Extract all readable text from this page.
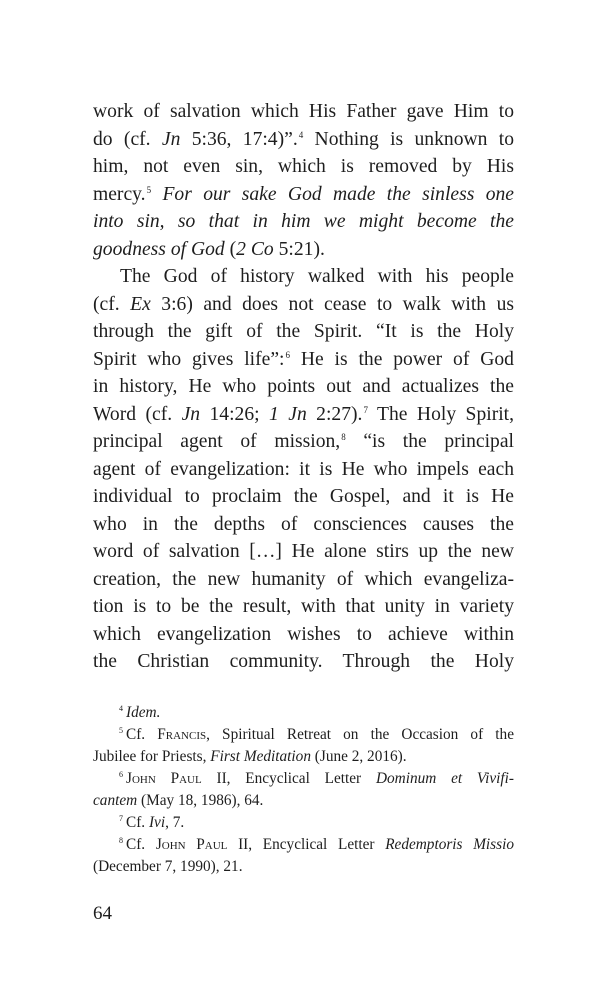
work of salvation which His Father gave Him to
do (cf. Jn 5:36, 17:4)”.$^4$ Nothing is unknown to
him, not even sin, which is removed by His
mercy.$^5$ For our sake God made the sinless one
into sin, so that in him we might become the
goodness of God (2 Co 5:21).

The God of history walked with his people
(cf. Ex 3:6) and does not cease to walk with us
through the gift of the Spirit. “It is the Holy
Spirit who gives life”:$^6$ He is the power of God
in history, He who points out and actualizes the
Word (cf. Jn 14:26; 1 Jn 2:27).$^7$ The Holy Spirit,
principal agent of mission,$^8$ “is the principal
agent of evangelization: it is He who impels each
individual to proclaim the Gospel, and it is He
who in the depths of consciences causes the
word of salvation […] He alone stirs up the new
creation, the new humanity of which evangeliza-
tion is to be the result, with that unity in variety
which evangelization wishes to achieve within
the Christian community. Through the Holy

$^4$ Idem.
$^5$ Cf. Francis, Spiritual Retreat on the Occasion of the
Jubilee for Priests, First Meditation (June 2, 2016).
$^6$ John Paul II, Encyclical Letter Dominum et Vivifi-
cantem (May 18, 1986), 64.
$^7$ Cf. Ivi, 7.
$^8$ Cf. John Paul II, Encyclical Letter Redemptoris Missio
(December 7, 1990), 21.
64
